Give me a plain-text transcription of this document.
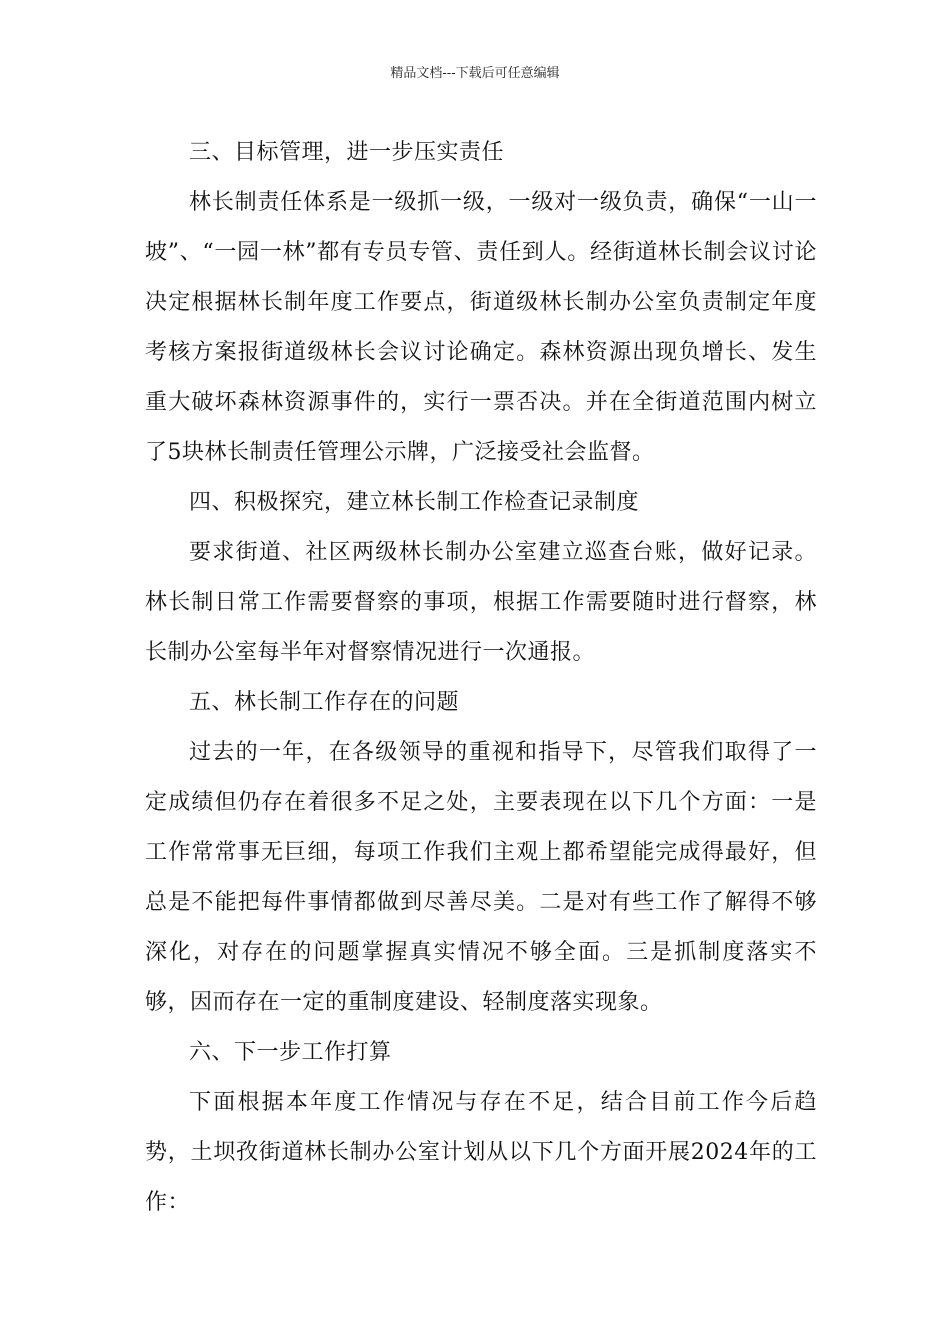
精品文档---下载后可任意编辑

三、目标管理，进一步压实责任

林长制责任体系是一级抓一级，一级对一级负责，确保“一山一坡”、“一园一林”都有专员专管、责任到人。经街道林长制会议讨论决定根据林长制年度工作要点，街道级林长制办公室负责制定年度考核方案报街道级林长会议讨论确定。森林资源出现负增长、发生重大破坏森林资源事件的，实行一票否决。并在全街道范围内树立了5块林长制责任管理公示牌，广泛接受社会监督。

四、积极探究，建立林长制工作检查记录制度

要求街道、社区两级林长制办公室建立巡查台账，做好记录。林长制日常工作需要督察的事项，根据工作需要随时进行督察，林长制办公室每半年对督察情况进行一次通报。

五、林长制工作存在的问题

过去的一年，在各级领导的重视和指导下，尽管我们取得了一定成绩但仍存在着很多不足之处，主要表现在以下几个方面：一是工作常常事无巨细，每项工作我们主观上都希望能完成得最好，但总是不能把每件事情都做到尽善尽美。二是对有些工作了解得不够深化，对存在的问题掌握真实情况不够全面。三是抓制度落实不够，因而存在一定的重制度建设、轻制度落实现象。

六、下一步工作打算

下面根据本年度工作情况与存在不足，结合目前工作今后趋势，土坝孜街道林长制办公室计划从以下几个方面开展2024年的工作：
